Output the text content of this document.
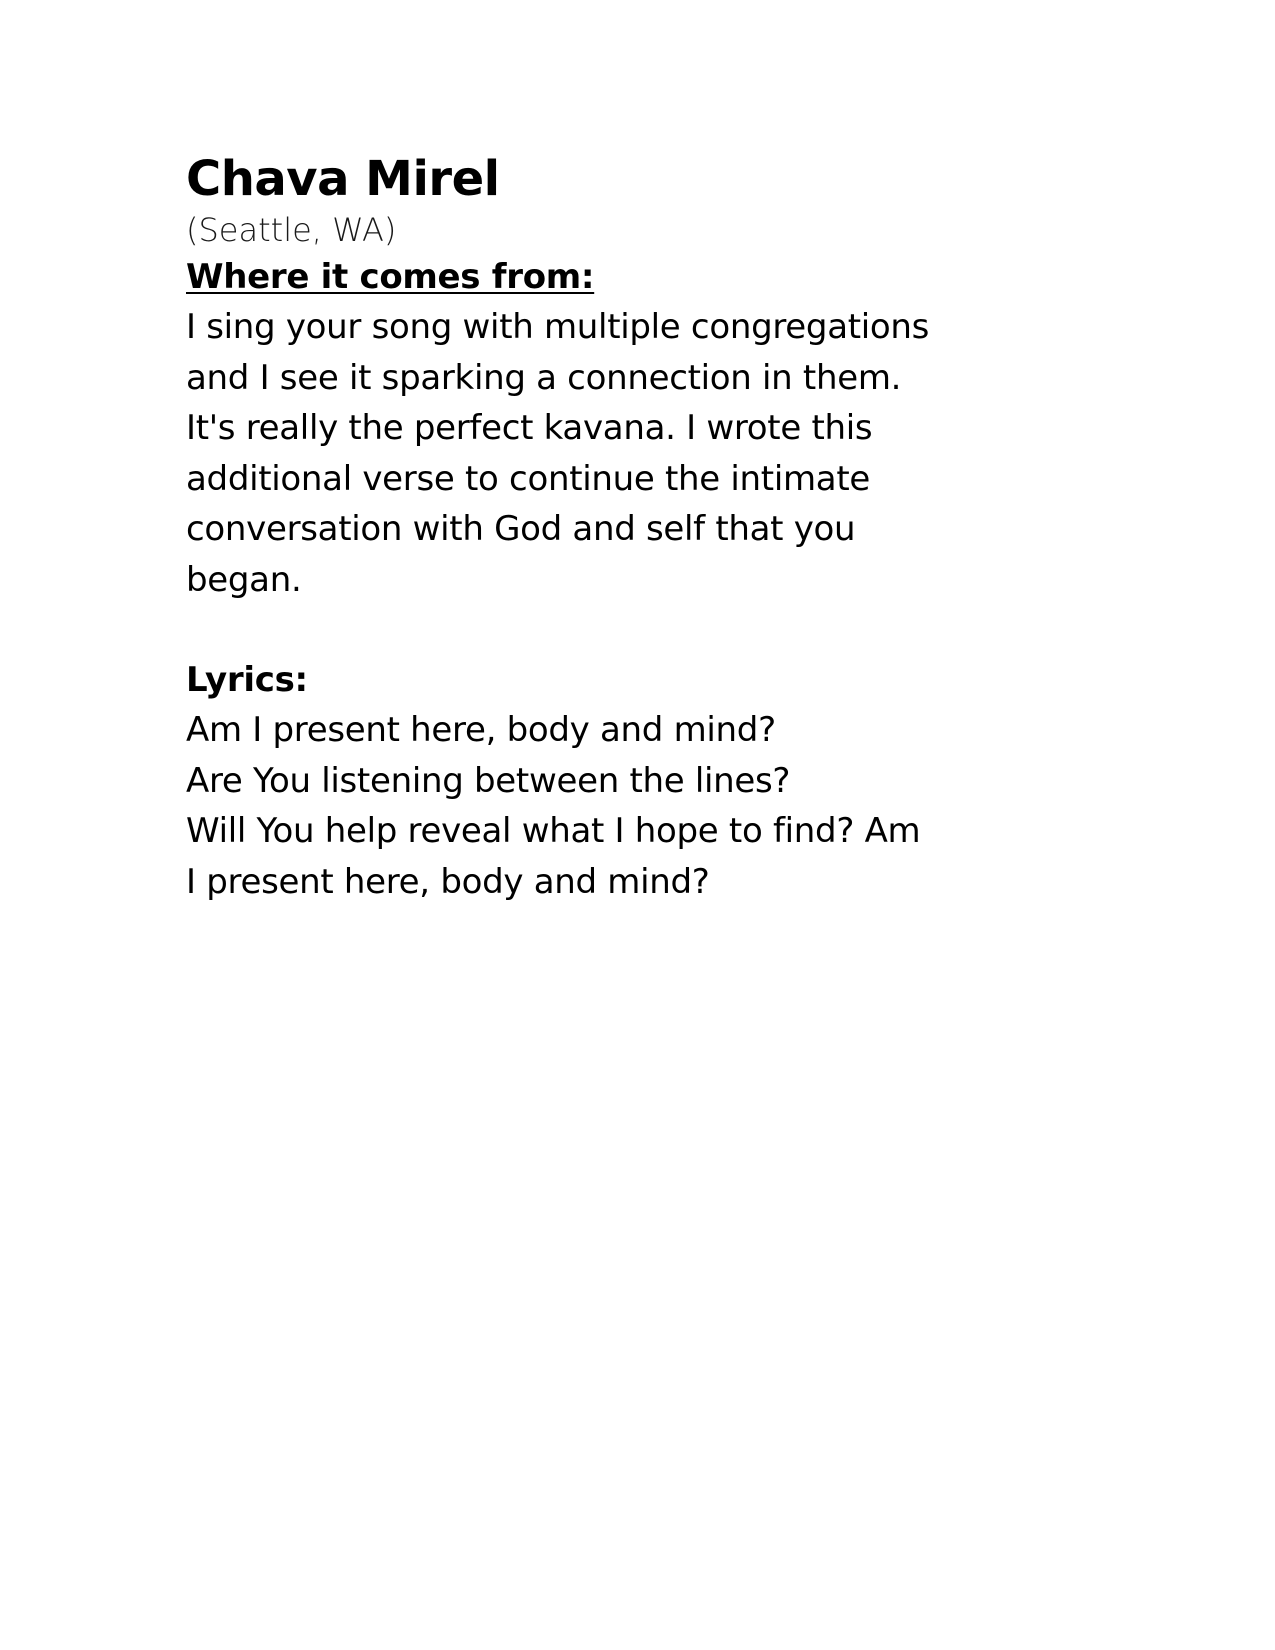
Chava Mirel

(Seattle, WA)

Where it comes from:

I sing your song with multiple congregations

and I see it sparking a connection in them.

It's really the perfect kavana. I wrote this

additional verse to continue the intimate

conversation with God and self that you

began.

Lyrics:

Am I present here, body and mind?

Are You listening between the lines?

Will You help reveal what I hope to find? Am

I present here, body and mind?
